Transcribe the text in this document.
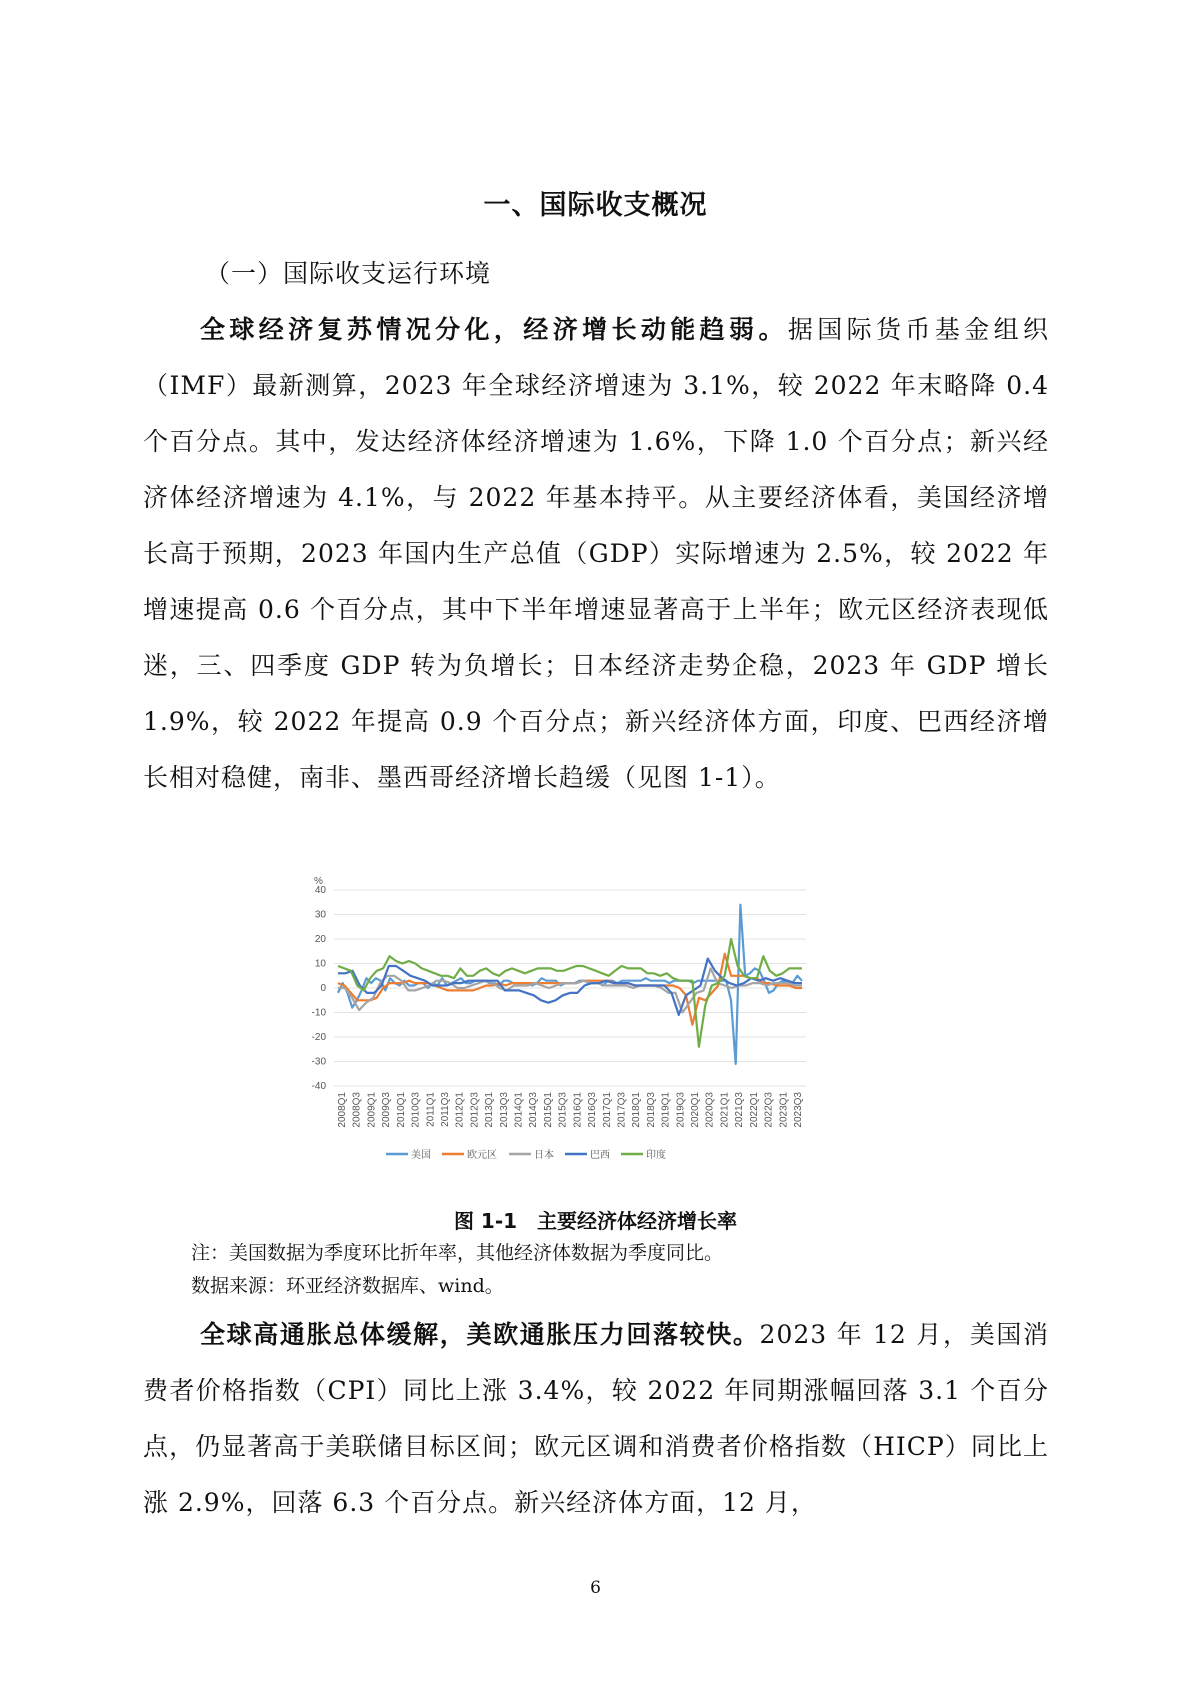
一、国际收支概况
（一）国际收支运行环境
全球经济复苏情况分化，经济增长动能趋弱。据国际货币基金组织（IMF）最新测算，2023 年全球经济增速为 3.1%，较 2022 年末略降 0.4 个百分点。其中，发达经济体经济增速为 1.6%，下降 1.0 个百分点；新兴经济体经济增速为 4.1%，与 2022 年基本持平。从主要经济体看，美国经济增长高于预期，2023 年国内生产总值（GDP）实际增速为 2.5%，较 2022 年增速提高 0.6 个百分点，其中下半年增速显著高于上半年；欧元区经济表现低迷，三、四季度 GDP 转为负增长；日本经济走势企稳，2023 年 GDP 增长 1.9%，较 2022 年提高 0.9 个百分点；新兴经济体方面，印度、巴西经济增长相对稳健，南非、墨西哥经济增长趋缓（见图 1-1）。
40
30
20
10
0
-10
-20
-30
-40
%
2008Q1 2008Q3 2009Q1 2009Q3 2010Q1 2010Q3 2011Q1 2011Q3 2012Q1 2012Q3 2013Q1 2013Q3 2014Q1 2014Q3 2015Q1 2015Q3 2016Q1 2016Q3 2017Q1 2017Q3 2018Q1 2018Q3 2019Q1 2019Q3 2020Q1 2020Q3 2021Q1 2021Q3 2022Q1 2022Q3 2023Q1 2023Q3
美国	欧元区	日本	巴西	印度
图 1-1　主要经济体经济增长率
注：美国数据为季度环比折年率，其他经济体数据为季度同比。
数据来源：环亚经济数据库、wind。
全球高通胀总体缓解，美欧通胀压力回落较快。2023 年 12 月，美国消费者价格指数（CPI）同比上涨 3.4%，较 2022 年同期涨幅回落 3.1 个百分点，仍显著高于美联储目标区间；欧元区调和消费者价格指数（HICP）同比上涨 2.9%，回落 6.3 个百分点。新兴经济体方面，12 月，
6
